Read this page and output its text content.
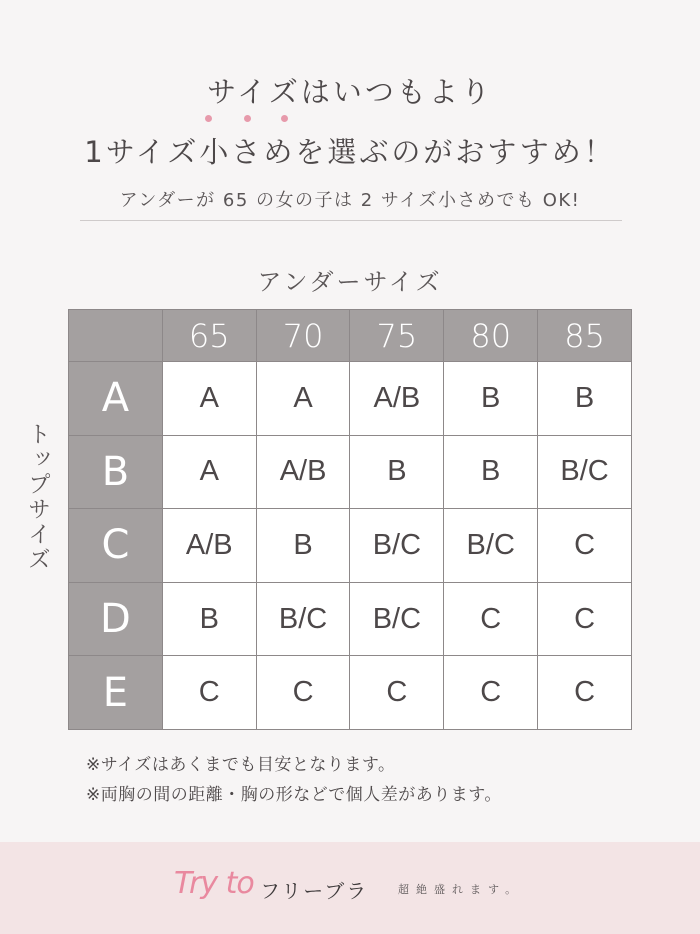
サイズはいつもより
1サイズ小さめを選ぶのがおすすめ！
アンダーが 65 の女の子は 2 サイズ小さめでも OK!
アンダーサイズ
トップサイズ
	65	70	75	80	85
A	A	A	A/B	B	B
B	A	A/B	B	B	B/C
C	A/B	B	B/C	B/C	C
D	B	B/C	B/C	C	C
E	C	C	C	C	C
※サイズはあくまでも目安となります。
※両胸の間の距離・胸の形などで個人差があります。
Try to フリーブラ	超絶盛れます。
